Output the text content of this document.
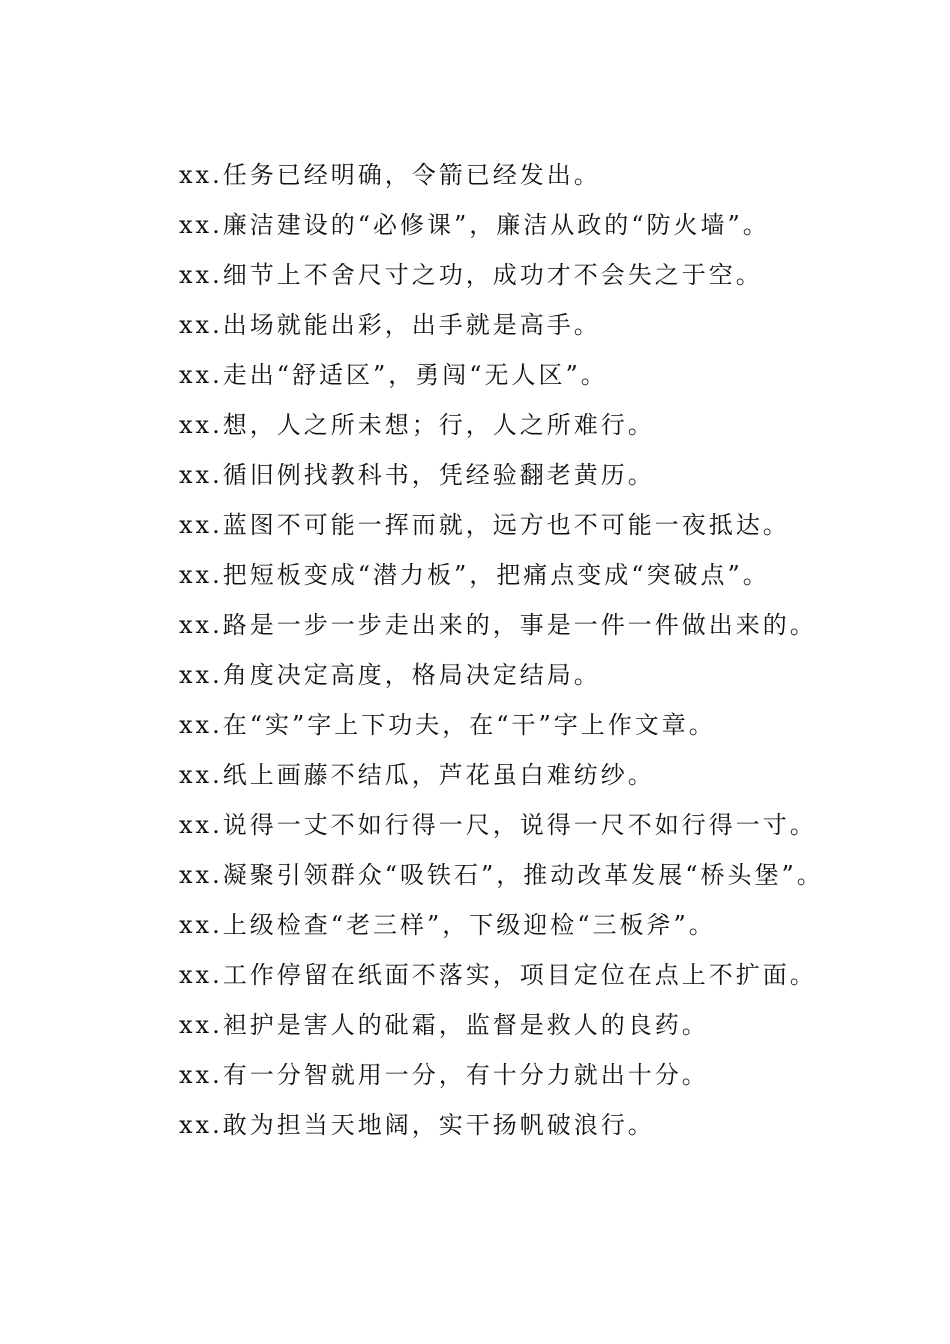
xx.任务已经明确，令箭已经发出。

xx.廉洁建设的“必修课”，廉洁从政的“防火墙”。

xx.细节上不舍尺寸之功，成功才不会失之于空。

xx.出场就能出彩，出手就是高手。

xx.走出“舒适区”，勇闯“无人区”。

xx.想，人之所未想；行，人之所难行。

xx.循旧例找教科书，凭经验翻老黄历。

xx.蓝图不可能一挥而就，远方也不可能一夜抵达。

xx.把短板变成“潜力板”，把痛点变成“突破点”。

xx.路是一步一步走出来的，事是一件一件做出来的。

xx.角度决定高度，格局决定结局。

xx.在“实”字上下功夫，在“干”字上作文章。

xx.纸上画藤不结瓜，芦花虽白难纺纱。

xx.说得一丈不如行得一尺，说得一尺不如行得一寸。

xx.凝聚引领群众“吸铁石”，推动改革发展“桥头堡”。

xx.上级检查“老三样”，下级迎检“三板斧”。

xx.工作停留在纸面不落实，项目定位在点上不扩面。

xx.袒护是害人的砒霜，监督是救人的良药。

xx.有一分智就用一分，有十分力就出十分。

xx.敢为担当天地阔，实干扬帆破浪行。
